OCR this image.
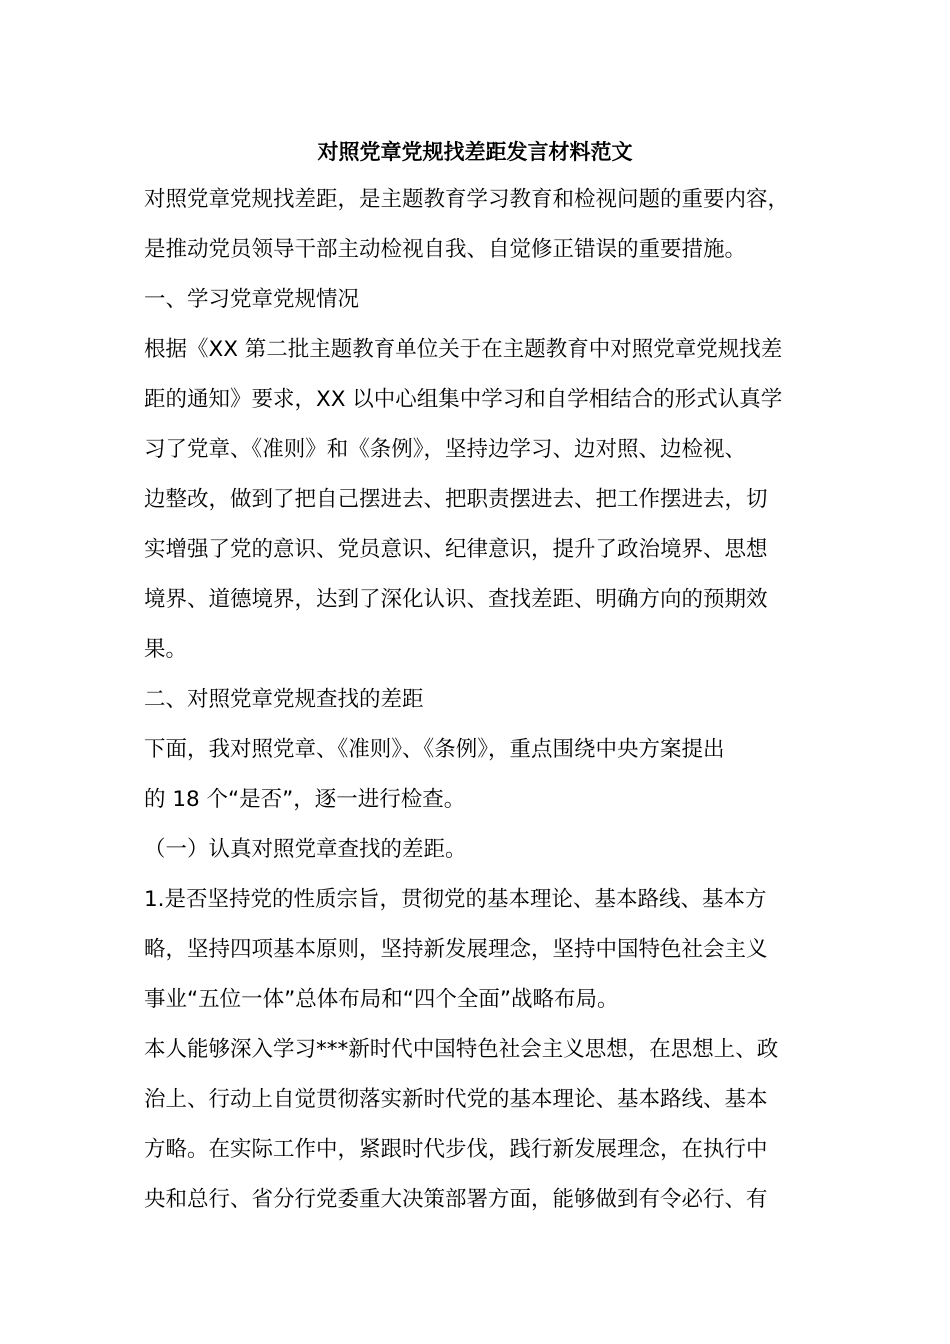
对照党章党规找差距发言材料范文

对照党章党规找差距，是主题教育学习教育和检视问题的重要内容，

是推动党员领导干部主动检视自我、自觉修正错误的重要措施。

一、学习党章党规情况

根据《XX 第二批主题教育单位关于在主题教育中对照党章党规找差

距的通知》要求，XX 以中心组集中学习和自学相结合的形式认真学

习了党章、《准则》和《条例》，坚持边学习、边对照、边检视、

边整改，做到了把自己摆进去、把职责摆进去、把工作摆进去，切

实增强了党的意识、党员意识、纪律意识，提升了政治境界、思想

境界、道德境界，达到了深化认识、查找差距、明确方向的预期效

果。

二、对照党章党规查找的差距

下面，我对照党章、《准则》、《条例》，重点围绕中央方案提出

的 18 个“是否”，逐一进行检查。

（一）认真对照党章查找的差距。

1.是否坚持党的性质宗旨，贯彻党的基本理论、基本路线、基本方

略，坚持四项基本原则，坚持新发展理念，坚持中国特色社会主义

事业“五位一体”总体布局和“四个全面”战略布局。

本人能够深入学习***新时代中国特色社会主义思想，在思想上、政

治上、行动上自觉贯彻落实新时代党的基本理论、基本路线、基本

方略。在实际工作中，紧跟时代步伐，践行新发展理念，在执行中

央和总行、省分行党委重大决策部署方面，能够做到有令必行、有
